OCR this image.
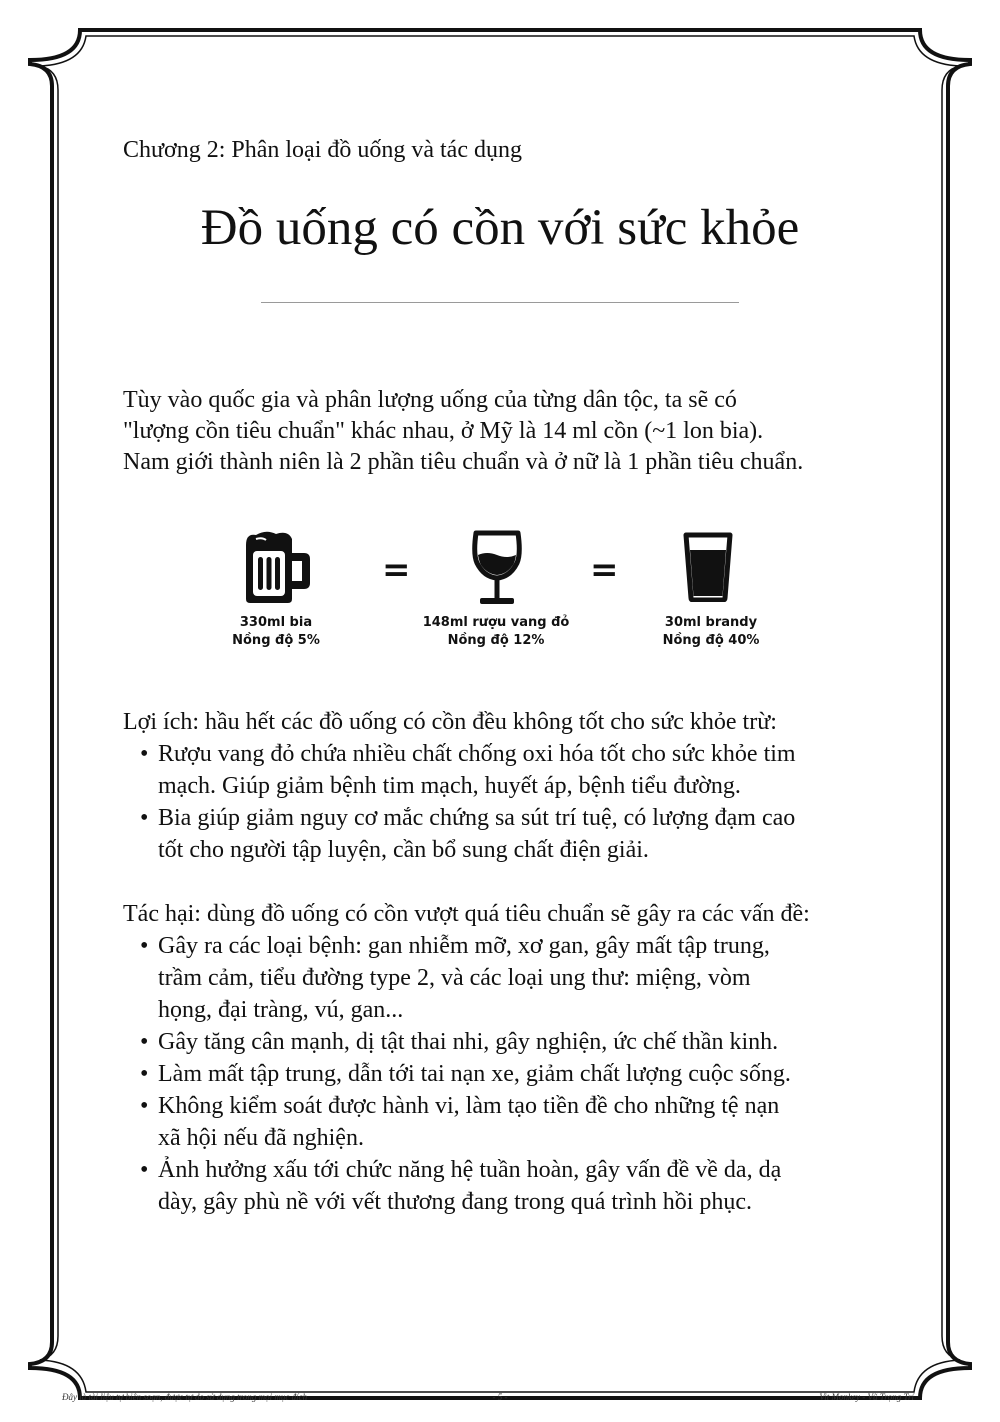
Chương 2: Phân loại đồ uống và tác dụng
Đồ uống có cồn với sức khỏe
Tùy vào quốc gia và phân lượng uống của từng dân tộc, ta sẽ có
"lượng cồn tiêu chuẩn" khác nhau, ở Mỹ là 14 ml cồn (~1 lon bia).
Nam giới thành niên là 2 phần tiêu chuẩn và ở nữ là 1 phần tiêu chuẩn.
=	=
330ml bia
Nồng độ 5%
148ml rượu vang đỏ
Nồng độ 12%
30ml brandy
Nồng độ 40%
Lợi ích: hầu hết các đồ uống có cồn đều không tốt cho sức khỏe trừ:
• Rượu vang đỏ chứa nhiều chất chống oxi hóa tốt cho sức khỏe tim
mạch. Giúp giảm bệnh tim mạch, huyết áp, bệnh tiểu đường.
• Bia giúp giảm nguy cơ mắc chứng sa sút trí tuệ, có lượng đạm cao
tốt cho người tập luyện, cần bổ sung chất điện giải.
Tác hại: dùng đồ uống có cồn vượt quá tiêu chuẩn sẽ gây ra các vấn đề:
• Gây ra các loại bệnh: gan nhiễm mỡ, xơ gan, gây mất tập trung,
trầm cảm, tiểu đường type 2, và các loại ung thư: miệng, vòm
họng, đại tràng, vú, gan...
• Gây tăng cân mạnh, dị tật thai nhi, gây nghiện, ức chế thần kinh.
• Làm mất tập trung, dẫn tới tai nạn xe, giảm chất lượng cuộc sống.
• Không kiểm soát được hành vi, làm tạo tiền đề cho những tệ nạn
xã hội nếu đã nghiện.
• Ảnh hưởng xấu tới chức năng hệ tuần hoàn, gây vấn đề về da, dạ
dày, gây phù nề với vết thương đang trong quá trình hồi phục.
Đây là tài liệu tự biên soạn, được tự do sử dụng trong mọi mục đích	- 5 -	Vit Monkey - Vũ Trọng Trí
